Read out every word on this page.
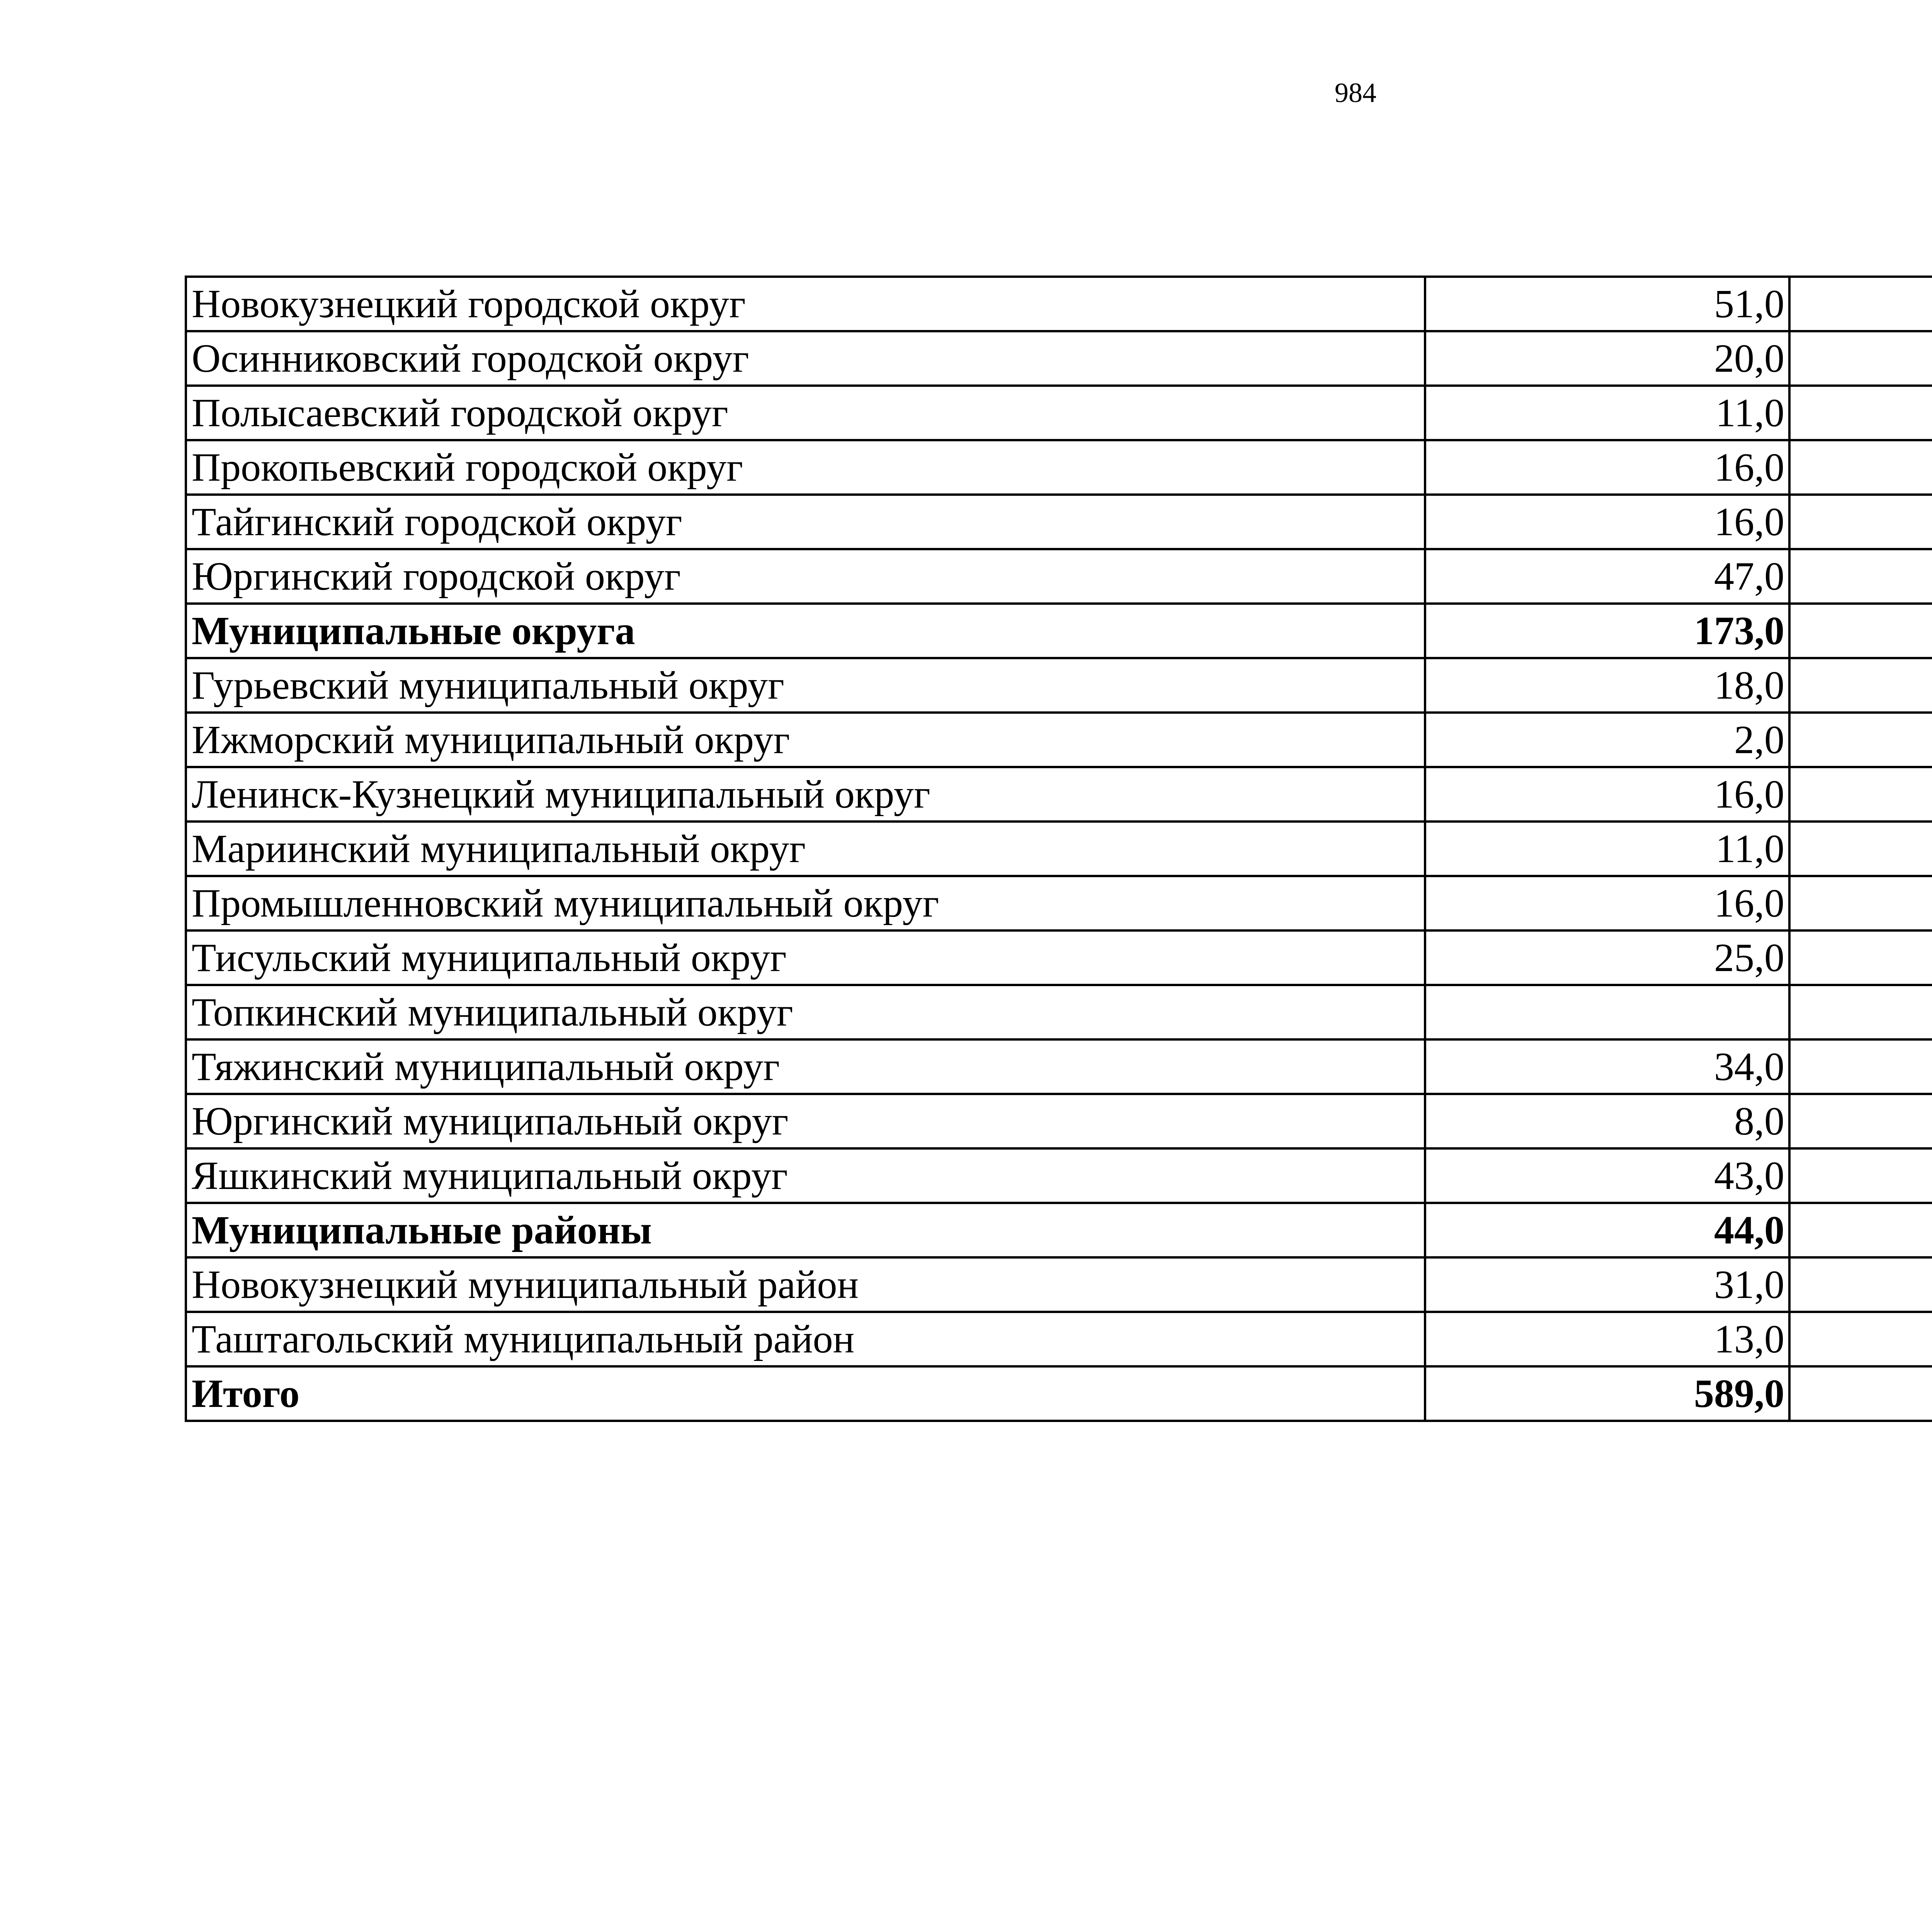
984
Новокузнецкий городской округ	51,0		
Осинниковский городской округ	20,0		
Полысаевский городской округ	11,0		
Прокопьевский городской округ	16,0		
Тайгинский городской округ	16,0		
Юргинский городской округ	47,0		
Муниципальные округа	173,0		
Гурьевский муниципальный округ	18,0		
Ижморский муниципальный округ	2,0		
Ленинск-Кузнецкий муниципальный округ	16,0		
Мариинский муниципальный округ	11,0		
Промышленновский муниципальный округ	16,0		
Тисульский муниципальный округ	25,0		
Топкинский муниципальный округ			
Тяжинский муниципальный округ	34,0		
Юргинский муниципальный округ	8,0		
Яшкинский муниципальный округ	43,0		
Муниципальные районы	44,0		
Новокузнецкий муниципальный район	31,0		
Таштагольский муниципальный район	13,0		
Итого	589,0		
